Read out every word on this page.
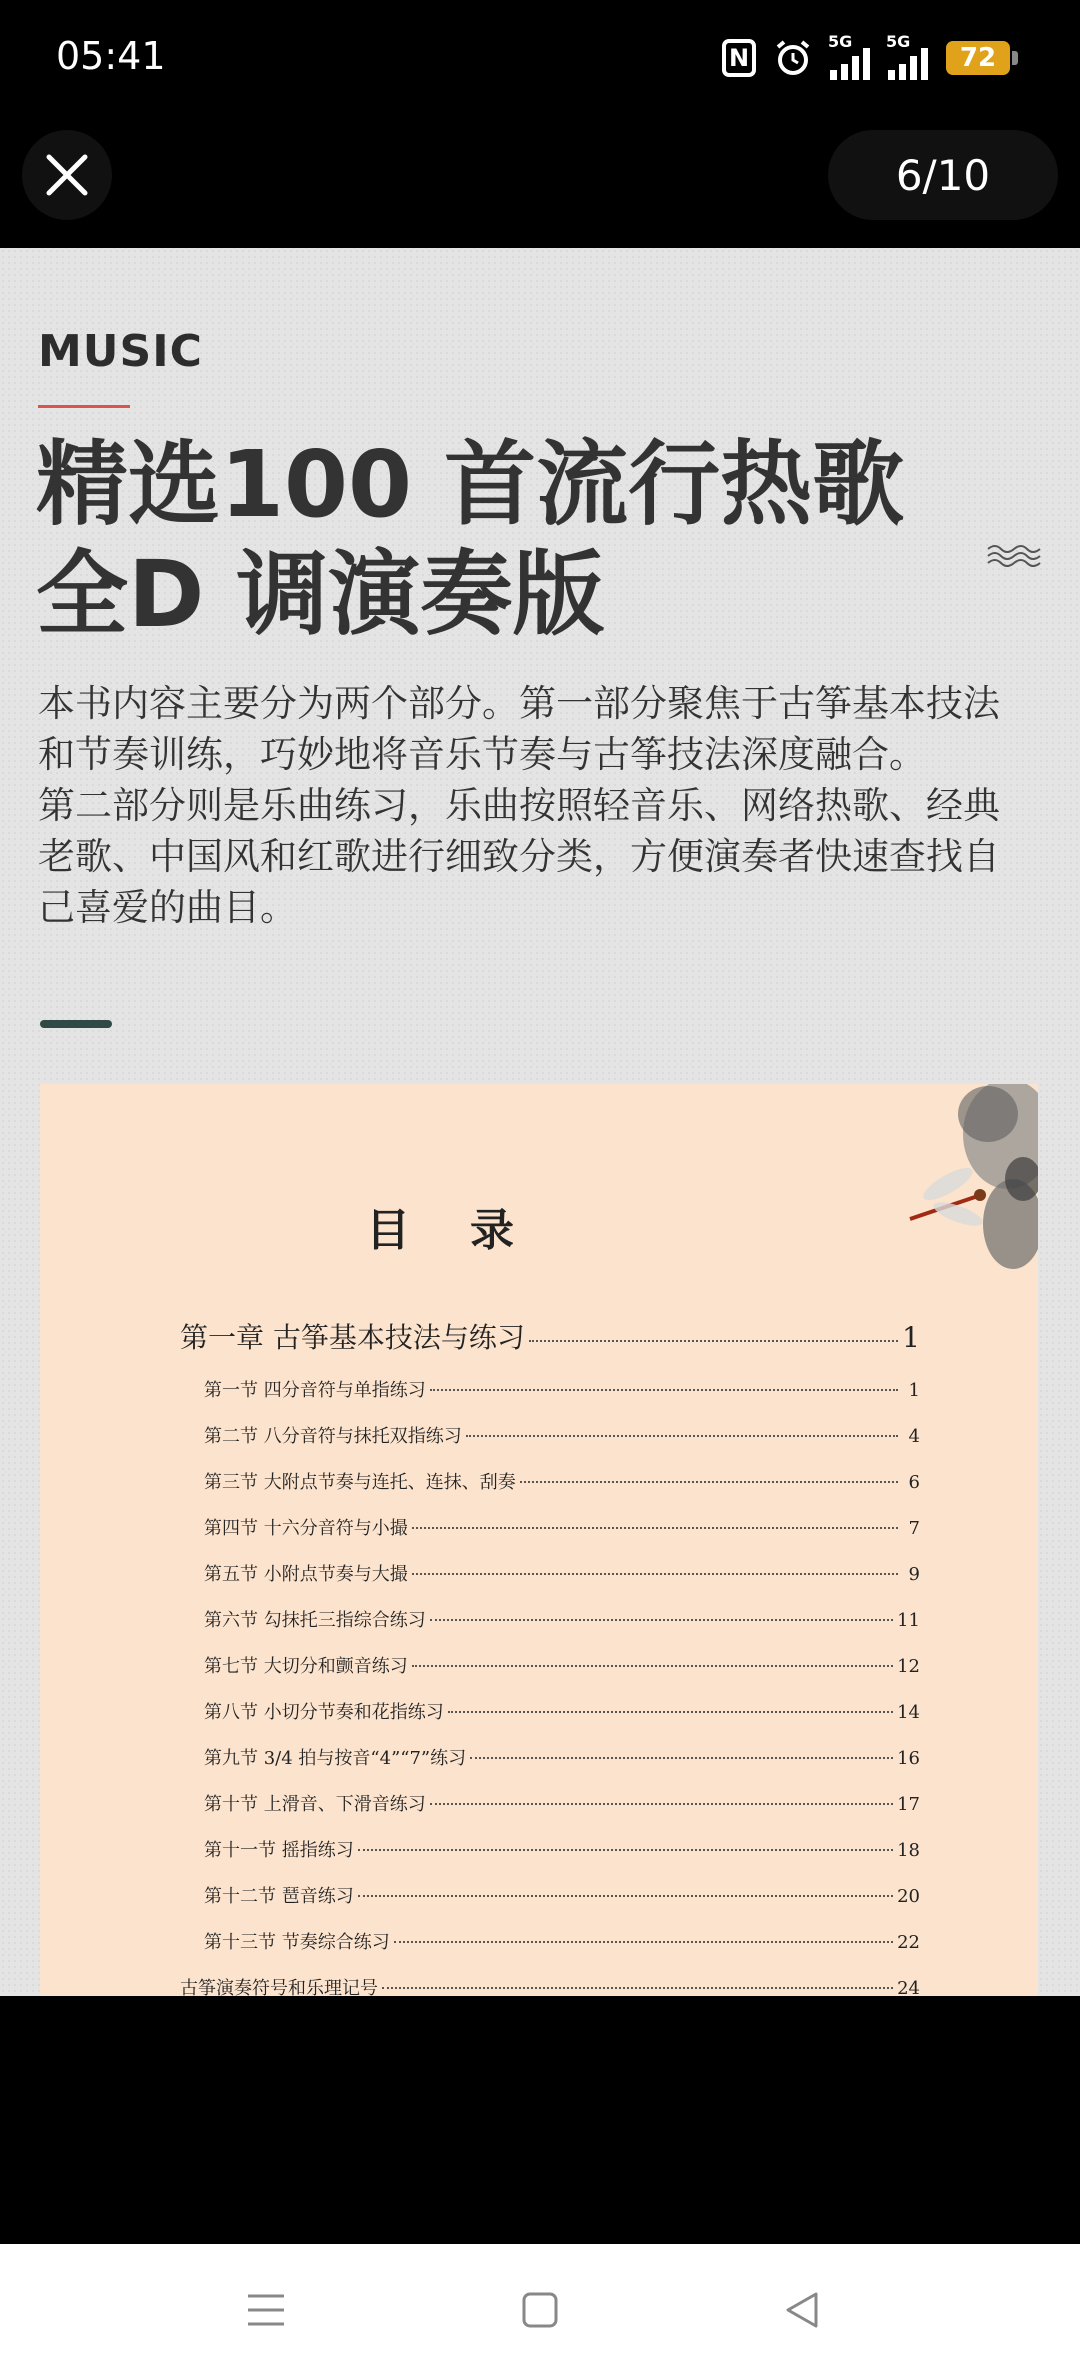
05:41	N
5G 5G
72
6/10
MUSIC
精选100 首流行热歌
全D 调演奏版

本书内容主要分为两个部分。第一部分聚焦于古筝基本技法和节奏训练，巧妙地将音乐节奏与古筝技法深度融合。

第二部分则是乐曲练习，乐曲按照轻音乐、网络热歌、经典老歌、中国风和红歌进行细致分类，方便演奏者快速查找自己喜爱的曲目。

目录
第一章 古筝基本技法与练习	1
第一节 四分音符与单指练习	1
第二节 八分音符与抹托双指练习	4
第三节 大附点节奏与连托、连抹、刮奏	6
第四节 十六分音符与小撮	7
第五节 小附点节奏与大撮	9
第六节 勾抹托三指综合练习	11
第七节 大切分和颤音练习	12
第八节 小切分节奏和花指练习	14
第九节 3/4 拍与按音“4”“7”练习	16
第十节 上滑音、下滑音练习	17
第十一节 摇指练习	18
第十二节 琶音练习	20
第十三节 节奏综合练习	22
古筝演奏符号和乐理记号	24
